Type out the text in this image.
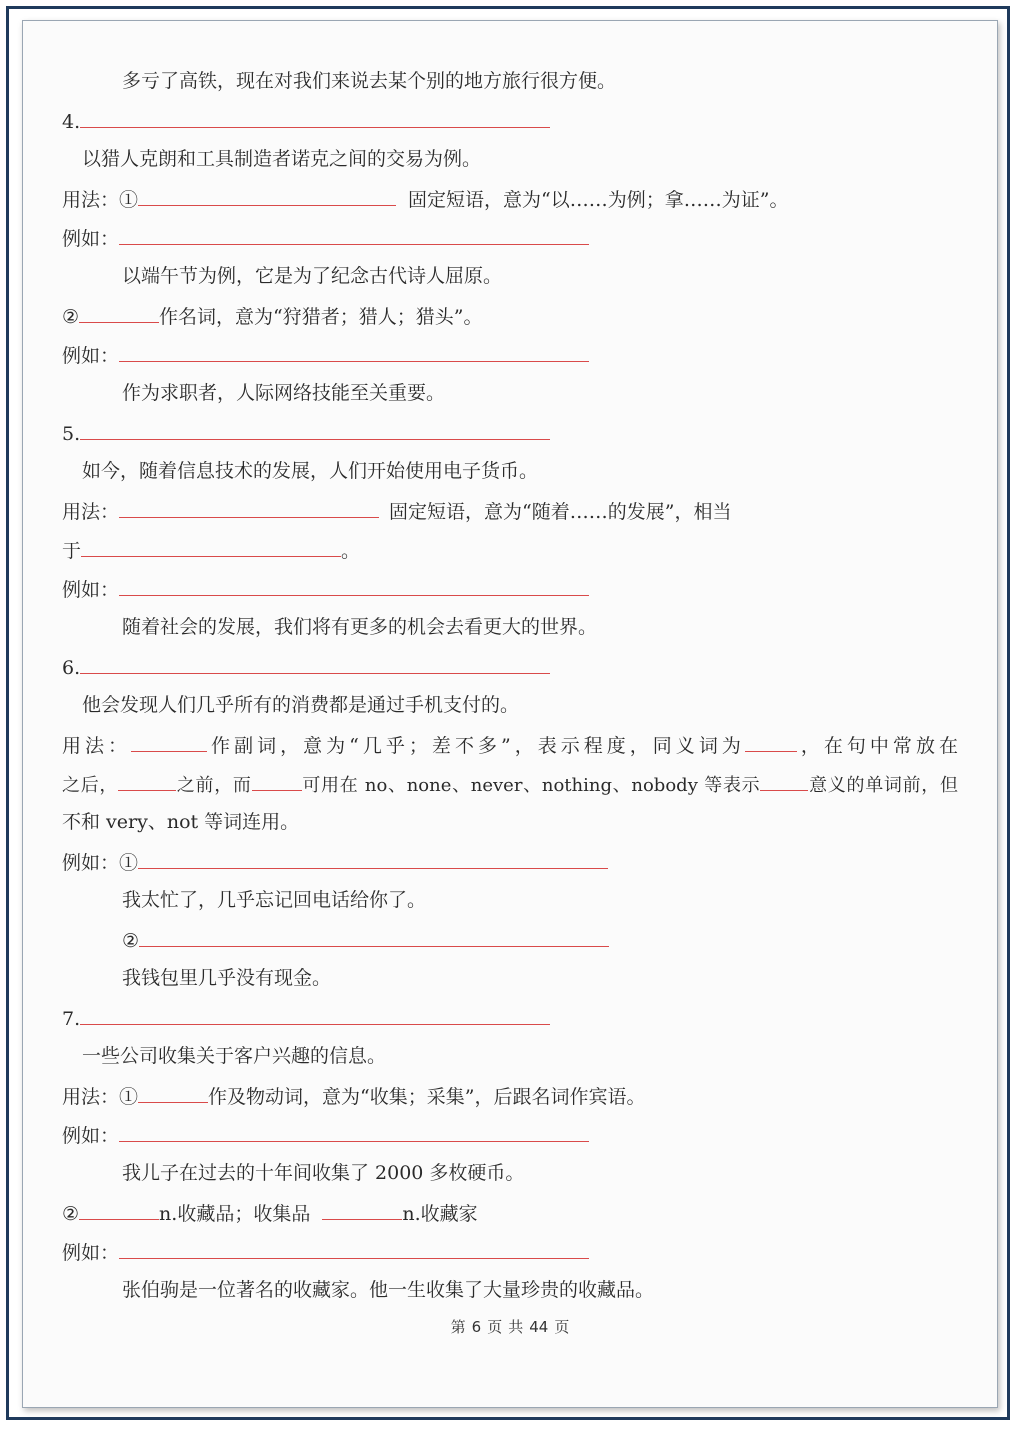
多亏了高铁，现在对我们来说去某个别的地方旅行很方便。
4.
以猎人克朗和工具制造者诺克之间的交易为例。
用法：①	固定短语，意为“以……为例；拿……为证”。
例如：
以端午节为例，它是为了纪念古代诗人屈原。
②	作名词，意为“狩猎者；猎人；猎头”。
例如：
作为求职者，人际网络技能至关重要。
5.
如今，随着信息技术的发展，人们开始使用电子货币。
用法：	固定短语，意为“随着……的发展”，相当
于	。
例如：
随着社会的发展，我们将有更多的机会去看更大的世界。
6.
他会发现人们几乎所有的消费都是通过手机支付的。
用法：	作副词，意为“几乎；差不多”，表示程度，同义词为	，在句中常放在
之后，	之前，而	可用在 no、none、never、nothing、nobody 等表示	意义的单词前，但
不和 very、not 等词连用。
例如：①
我太忙了，几乎忘记回电话给你了。
②
我钱包里几乎没有现金。
7.
一些公司收集关于客户兴趣的信息。
用法：①	作及物动词，意为“收集；采集”，后跟名词作宾语。
例如：
我儿子在过去的十年间收集了 2000 多枚硬币。
②	n.收藏品；收集品	n.收藏家
例如：
张伯驹是一位著名的收藏家。他一生收集了大量珍贵的收藏品。
第 6 页 共 44 页
